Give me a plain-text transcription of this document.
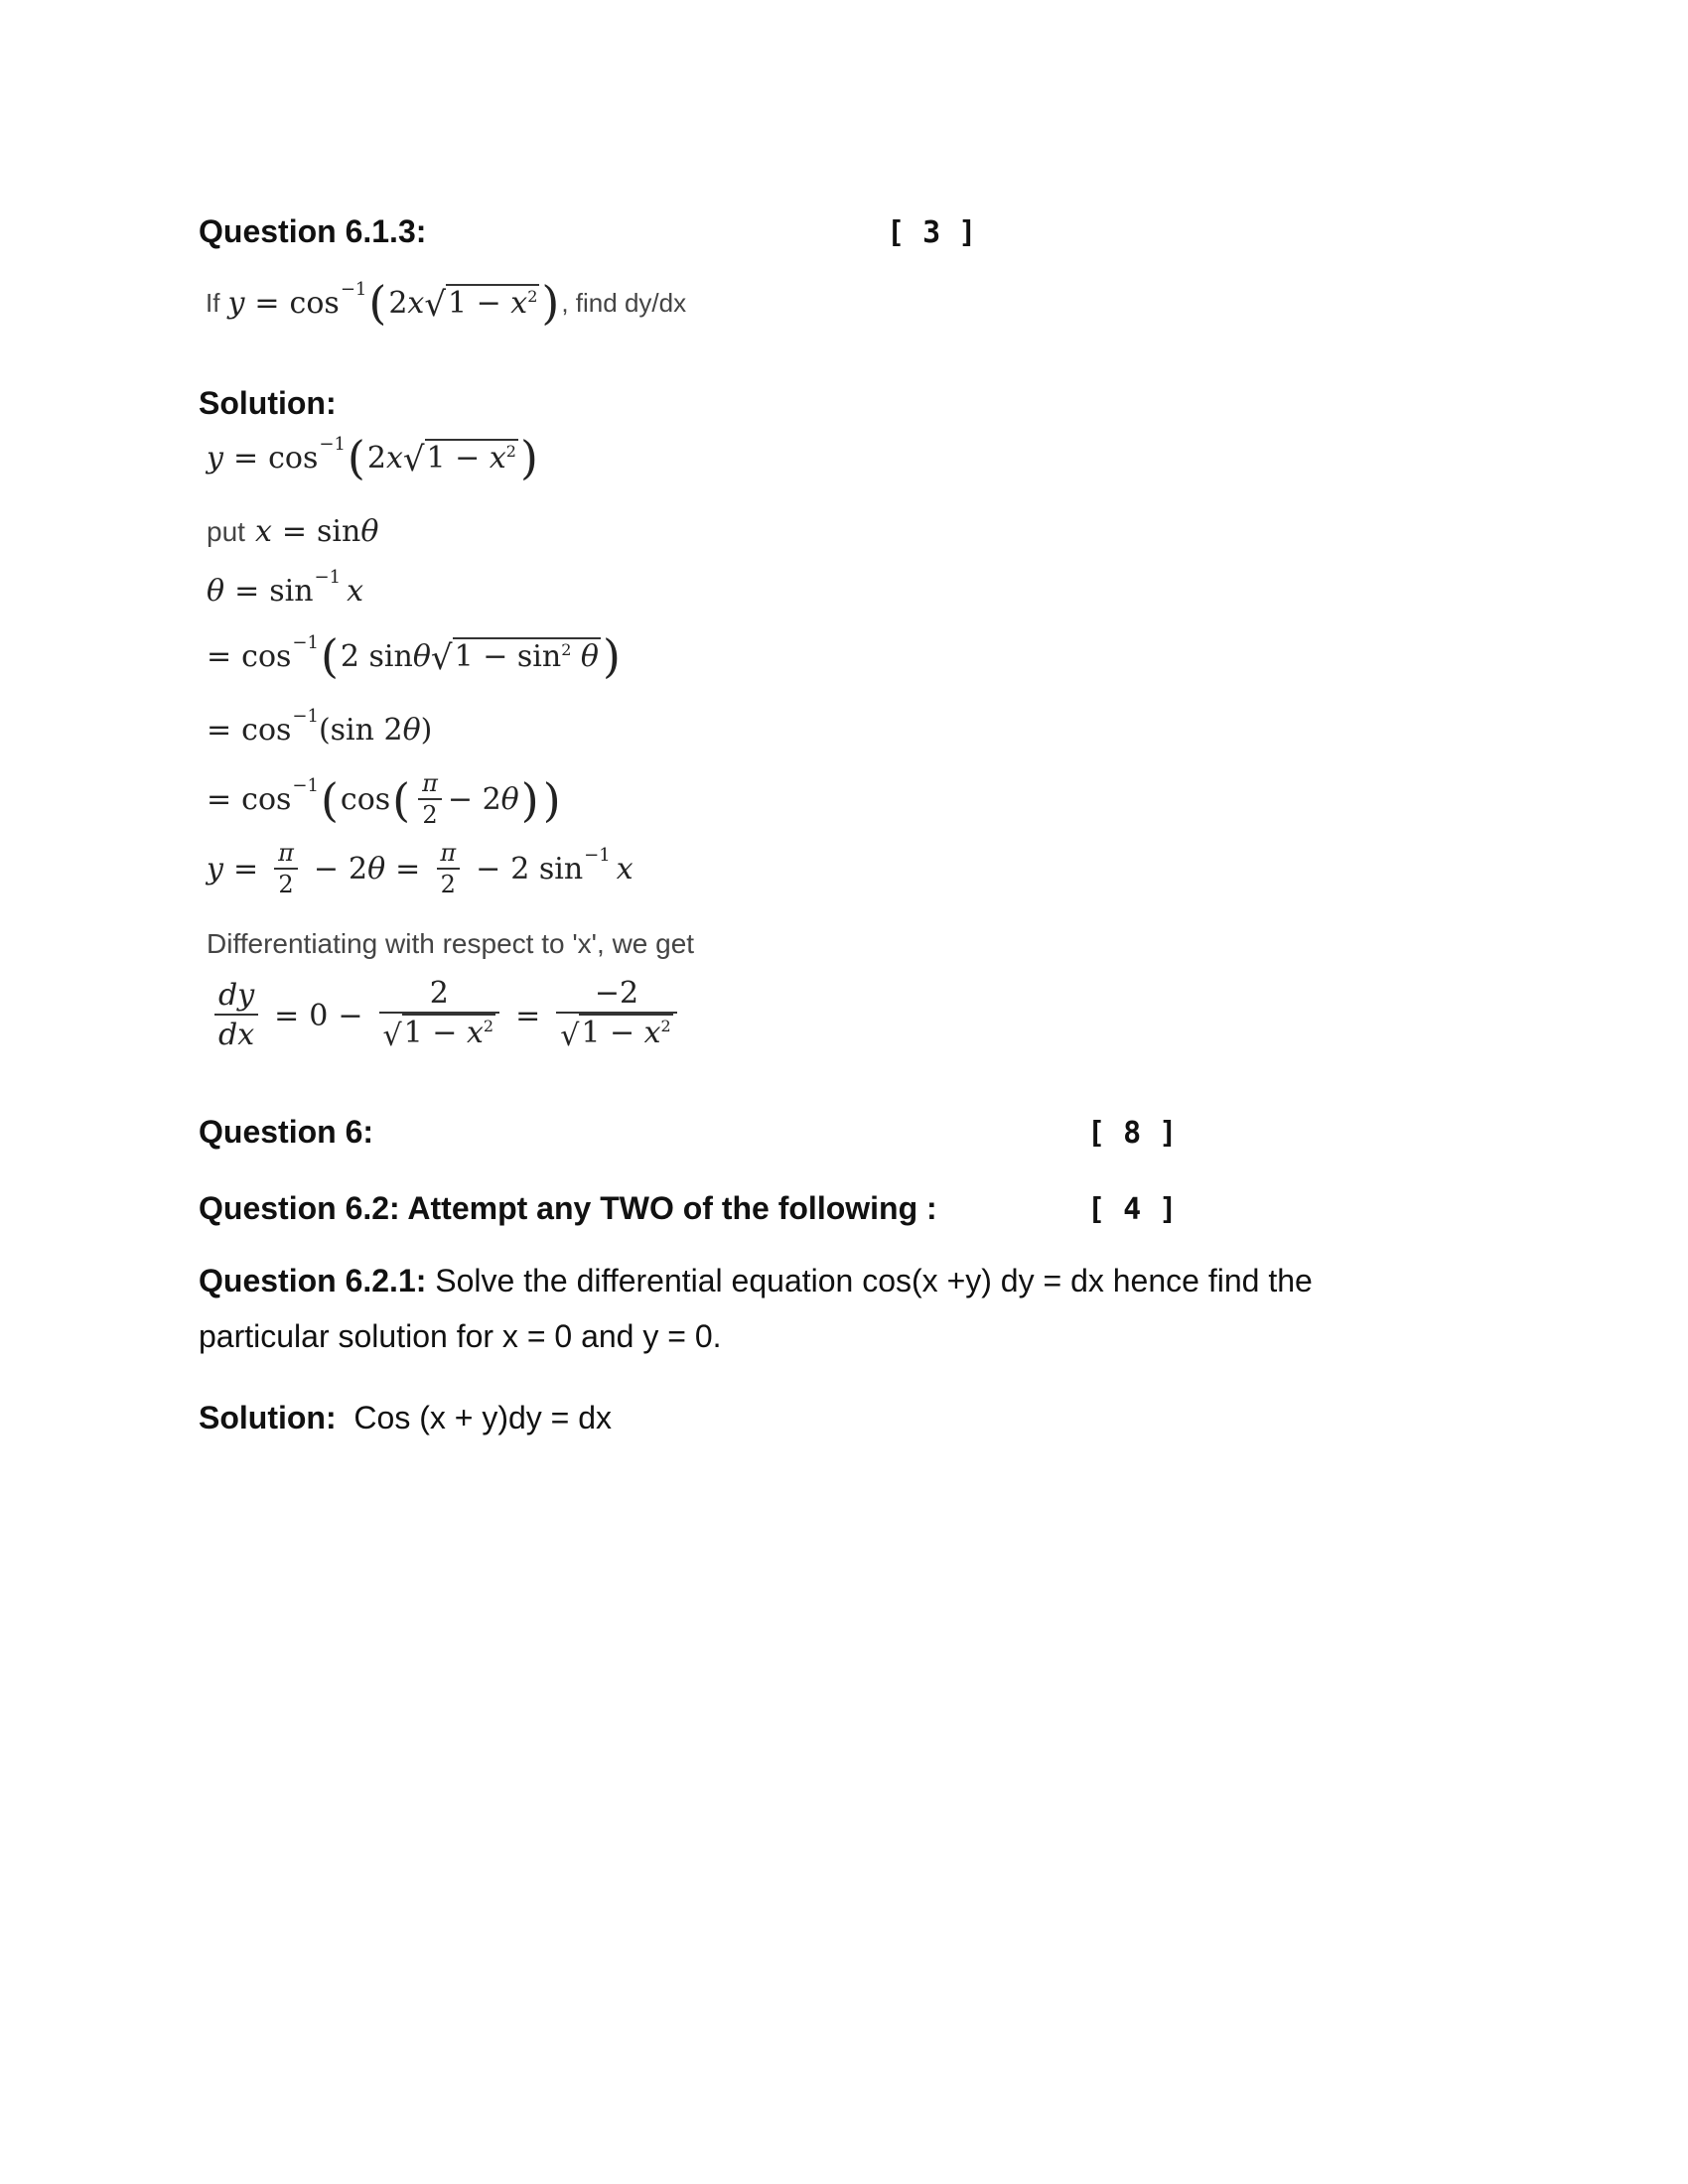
Question 6.1.3:	[ 3 ]
If y = cos −1 ( 2x √ $1 - x^2$ ) , find dy/dx
Solution:
y = cos −1 ( 2 x √ $1 - x^2$ )
put x = sin θ
θ = sin −1 x
= cos −1 ( 2 sin θ √ $1 - \sin^2 \theta$ )
= cos −1 (sin 2 θ )
= cos −1 ( cos ( $\frac{\pi}{2} - 2$ θ ) )
$y = \frac{\pi}{2} - 2$ $\theta = \frac{\pi}{2} - 2$ sin −1 x
Differentiating with respect to 'x', we get
$\frac{dy}{dx} = 0 - \frac{2}{√ 1 - x^2} = \frac{-2}{√ 1 - x^2}$
Question 6:	[ 8 ]
Question 6.2: Attempt any TWO of the following :	[ 4 ]
Question 6.2.1: Solve the differential equation cos(x +y) dy = dx hence find the
particular solution for x = 0 and y = 0.
Solution:  Cos (x + y)dy = dx
